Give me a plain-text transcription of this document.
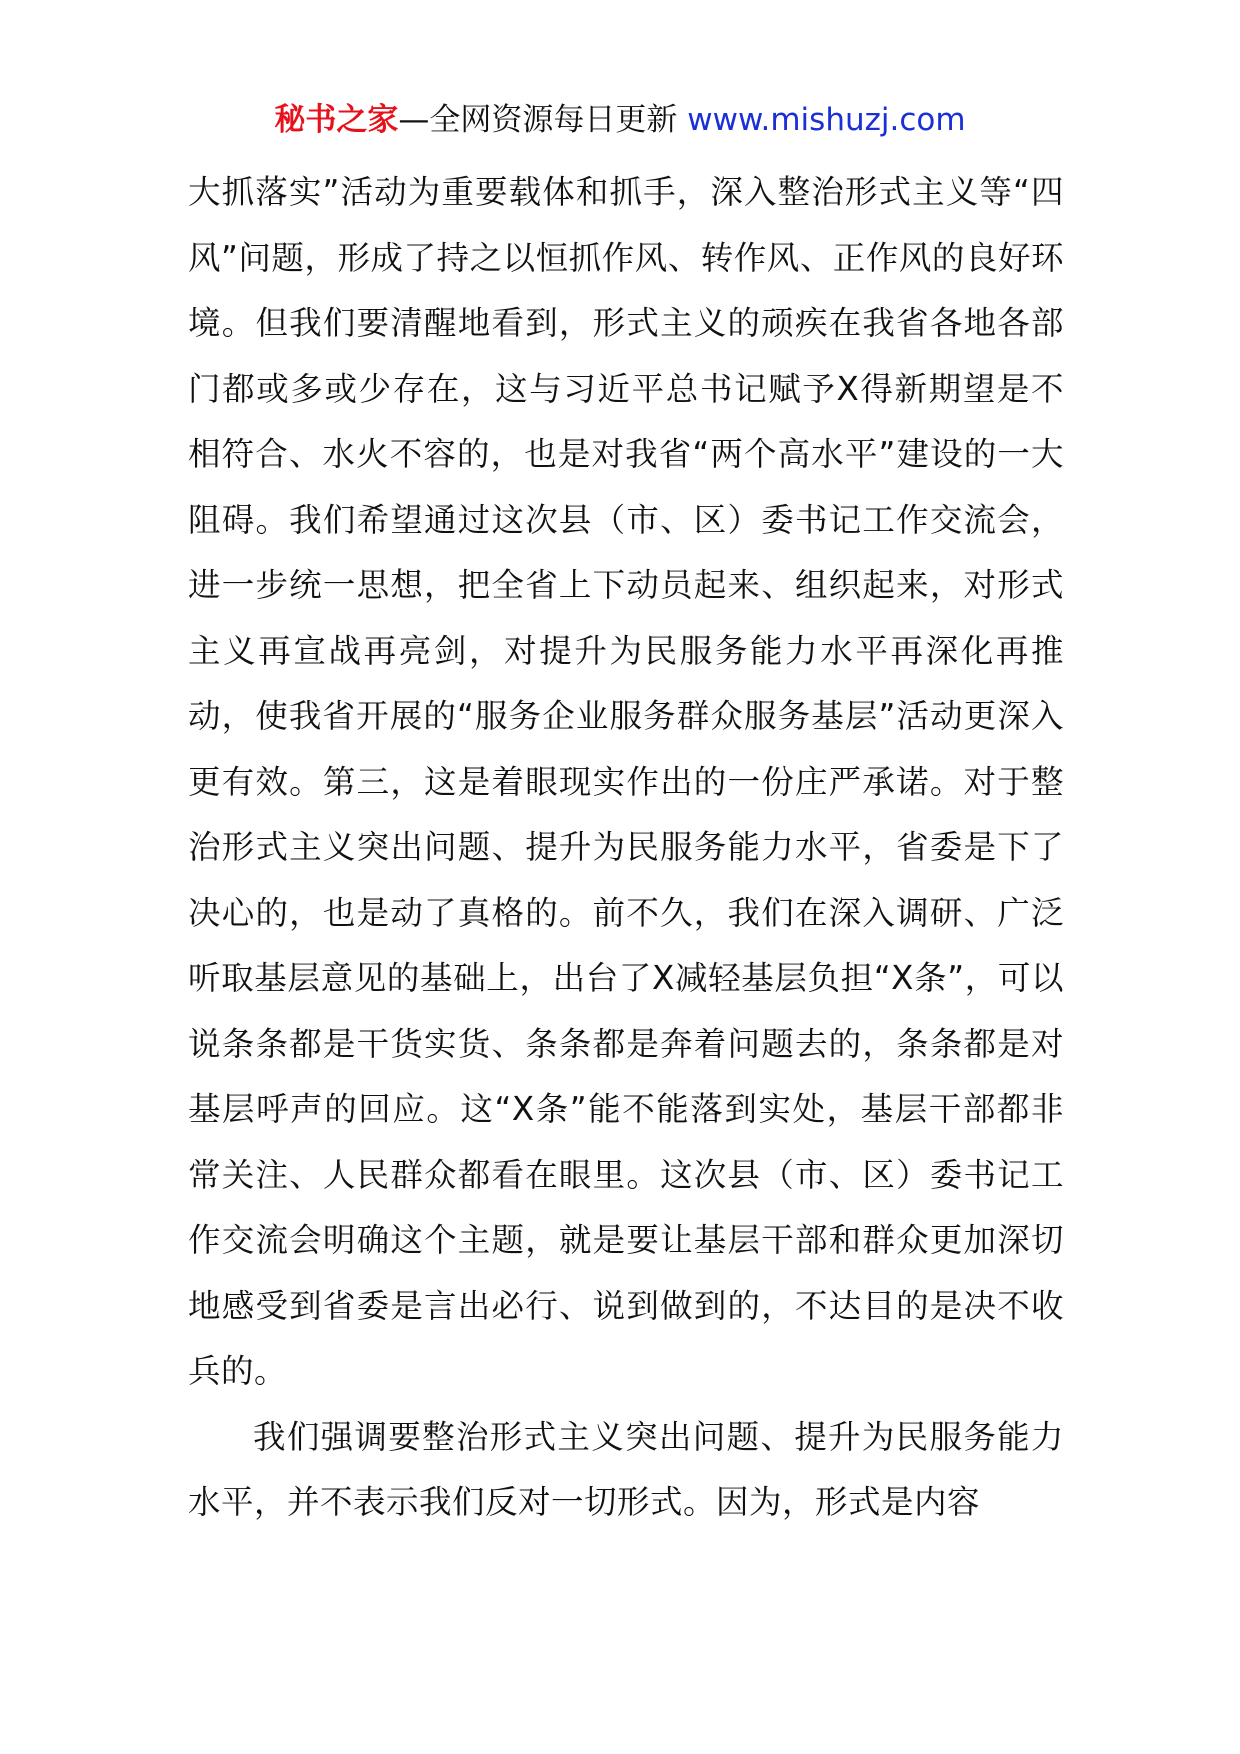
秘书之家—全网资源每日更新 www.mishuzj.com

大抓落实”活动为重要载体和抓手，深入整治形式主义等“四风”问题，形成了持之以恒抓作风、转作风、正作风的良好环境。但我们要清醒地看到，形式主义的顽疾在我省各地各部门都或多或少存在，这与习近平总书记赋予X得新期望是不相符合、水火不容的，也是对我省“两个高水平”建设的一大阻碍。我们希望通过这次县（市、区）委书记工作交流会，进一步统一思想，把全省上下动员起来、组织起来，对形式主义再宣战再亮剑，对提升为民服务能力水平再深化再推动，使我省开展的“服务企业服务群众服务基层”活动更深入更有效。第三，这是着眼现实作出的一份庄严承诺。对于整治形式主义突出问题、提升为民服务能力水平，省委是下了决心的，也是动了真格的。前不久，我们在深入调研、广泛听取基层意见的基础上，出台了X减轻基层负担“X条”，可以说条条都是干货实货、条条都是奔着问题去的，条条都是对基层呼声的回应。这“X条”能不能落到实处，基层干部都非常关注、人民群众都看在眼里。这次县（市、区）委书记工作交流会明确这个主题，就是要让基层干部和群众更加深切地感受到省委是言出必行、说到做到的，不达目的是决不收兵的。

我们强调要整治形式主义突出问题、提升为民服务能力水平，并不表示我们反对一切形式。因为，形式是内容
